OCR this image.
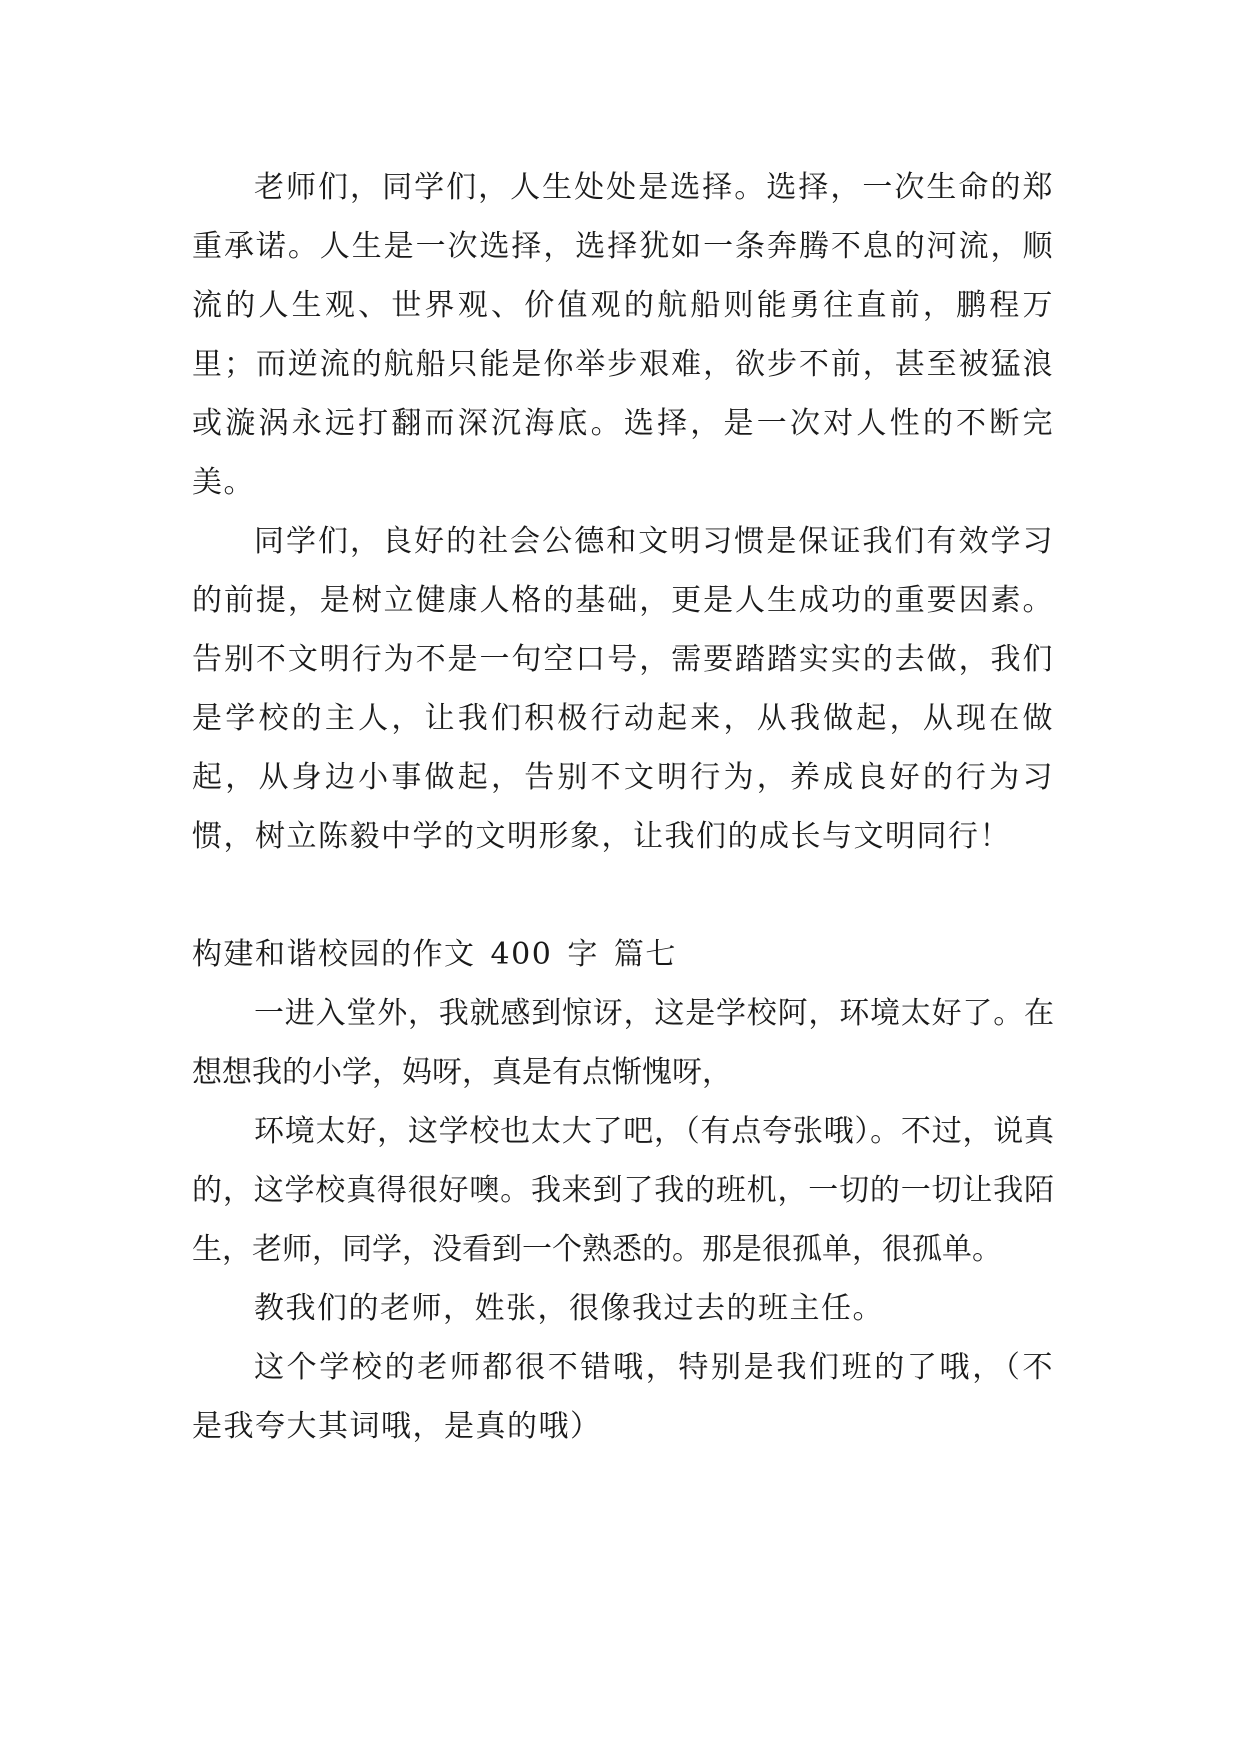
老师们，同学们，人生处处是选择。选择，一次生命的郑重承诺。人生是一次选择，选择犹如一条奔腾不息的河流，顺流的人生观、世界观、价值观的航船则能勇往直前，鹏程万里；而逆流的航船只能是你举步艰难，欲步不前，甚至被猛浪或漩涡永远打翻而深沉海底。选择，是一次对人性的不断完美。

同学们，良好的社会公德和文明习惯是保证我们有效学习的前提，是树立健康人格的基础，更是人生成功的重要因素。告别不文明行为不是一句空口号，需要踏踏实实的去做，我们是学校的主人，让我们积极行动起来，从我做起，从现在做起，从身边小事做起，告别不文明行为，养成良好的行为习惯，树立陈毅中学的文明形象，让我们的成长与文明同行！

构建和谐校园的作文 400 字 篇七

一进入堂外，我就感到惊讶，这是学校阿，环境太好了。在想想我的小学，妈呀，真是有点惭愧呀，

环境太好，这学校也太大了吧，（有点夸张哦）。不过，说真的，这学校真得很好噢。我来到了我的班机，一切的一切让我陌生，老师，同学，没看到一个熟悉的。那是很孤单，很孤单。

教我们的老师，姓张，很像我过去的班主任。

这个学校的老师都很不错哦，特别是我们班的了哦，（不是我夸大其词哦，是真的哦）
